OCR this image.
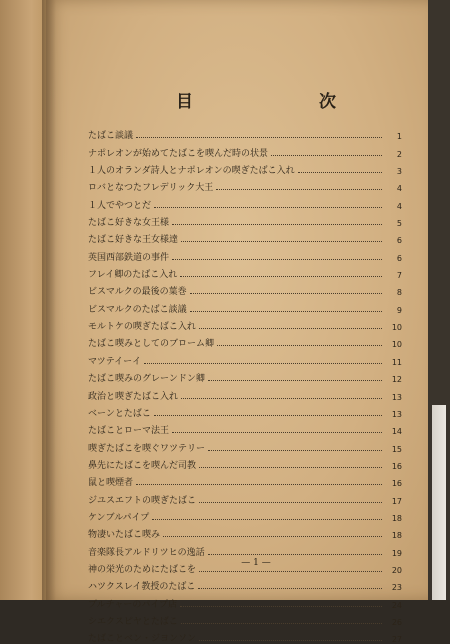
目	次
たばこ談議	1
ナポレオンが始めてたばこを喫んだ時の状景	2
１人のオランダ詩人とナポレオンの喫ぎたばこ入れ	3
ロバとなつたフレデリック大王	4
１人でやつとだ	4
たばこ好きな女王様	5
たばこ好きな王女様達	6
英国西部鉄道の事件	6
フレイ卿のたばこ入れ	7
ビスマルクの最後の葉巻	8
ビスマルクのたばこ談議	9
モルトケの喫ぎたばこ入れ	10
たばこ喫みとしてのブローム卿	10
マツテイーイ	11
たばこ喫みのグレーンドン卿	12
政治と喫ぎたばこ入れ	13
ベーンとたばこ	13
たばことローマ法王	14
喫ぎたばこを喫ぐワツテリー	15
鼻先にたばこを喫んだ司教	16
鼠と喫煙者	16
ジユスエフトの喫ぎたばこ	17
ケンブルパイプ	18
物凄いたばこ喫み	18
音楽隊長アルドリツヒの逸話	19
神の栄光のためにたばこを	20
ハツクスレイ教授のたばこ	23
ブルチャーのパイプ店	24
シエクスピヤとたばこ	26
たばことベン・ジヨンソン	27
— 1 —
